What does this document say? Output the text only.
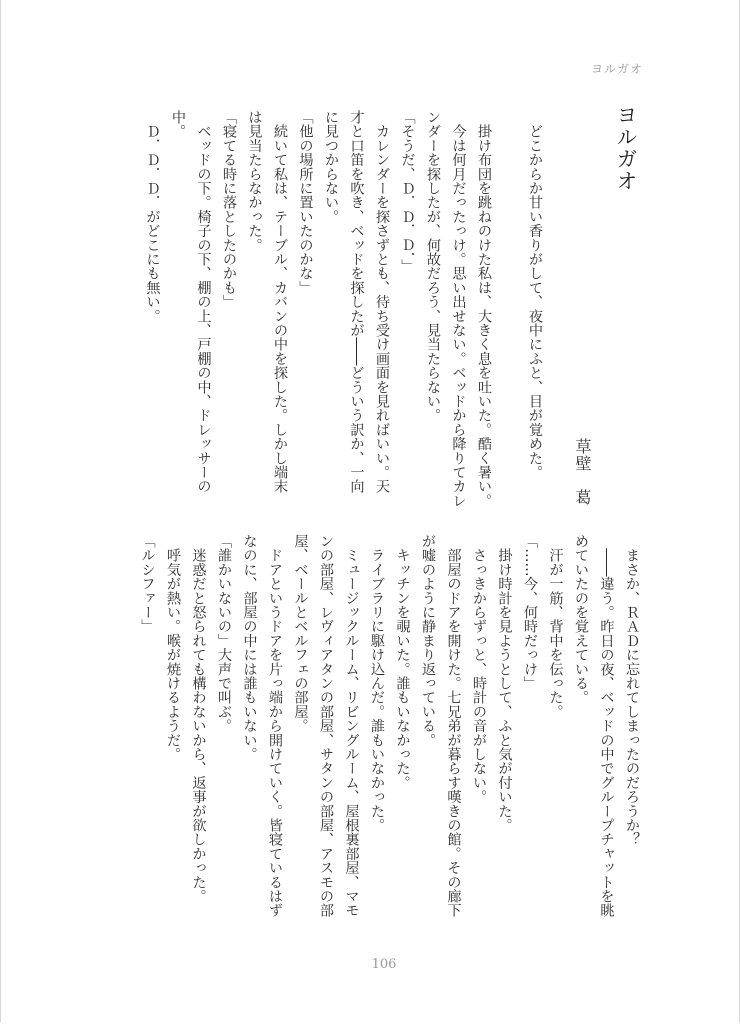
ヨルガオ
ヨルガオ
草壁　葛
　どこからか甘い香りがして、夜中にふと、目が覚めた。

　掛け布団を跳ねのけた私は、大きく息を吐いた。酷く暑い。
　今は何月だったっけ。思い出せない。ベッドから降りてカレ
ンダーを探したが、何故だろう、見当たらない。
「そうだ、Ｄ．Ｄ．Ｄ．」
　カレンダーを探さずとも、待ち受け画面を見ればいい。天
才と口笛を吹き、ベッドを探したが――どういう訳か、一向
に見つからない。
「他の場所に置いたのかな」
　続いて私は、テーブル、カバンの中を探した。しかし端末
は見当たらなかった。
「寝てる時に落としたのかも」
　ベッドの下。椅子の下、棚の上、戸棚の中、ドレッサーの
中。
　Ｄ．Ｄ．Ｄ．がどこにも無い。
　まさか、ＲＡＤに忘れてしまったのだろうか？
　――違う。昨日の夜、ベッドの中でグループチャットを眺
めていたのを覚えている。
　汗が一筋、背中を伝った。
「……今、何時だっけ」
　掛け時計を見ようとして、ふと気が付いた。
　さっきからずっと、時計の音がしない。
　部屋のドアを開けた。七兄弟が暮らす嘆きの館。その廊下
が嘘のように静まり返っている。
　キッチンを覗いた。誰もいなかった。
　ライブラリに駆け込んだ。誰もいなかった。
　ミュージックルーム、リビングルーム、屋根裏部屋、マモ
ンの部屋、レヴィアタンの部屋、サタンの部屋、アスモの部
屋、ベールとベルフェの部屋。
　ドアというドアを片っ端から開けていく。皆寝ているはず
なのに、部屋の中には誰もいない。
「誰かいないの」大声で叫ぶ。
　迷惑だと怒られても構わないから、返事が欲しかった。
　呼気が熱い。喉が焼けるようだ。
「ルシファー」
106
